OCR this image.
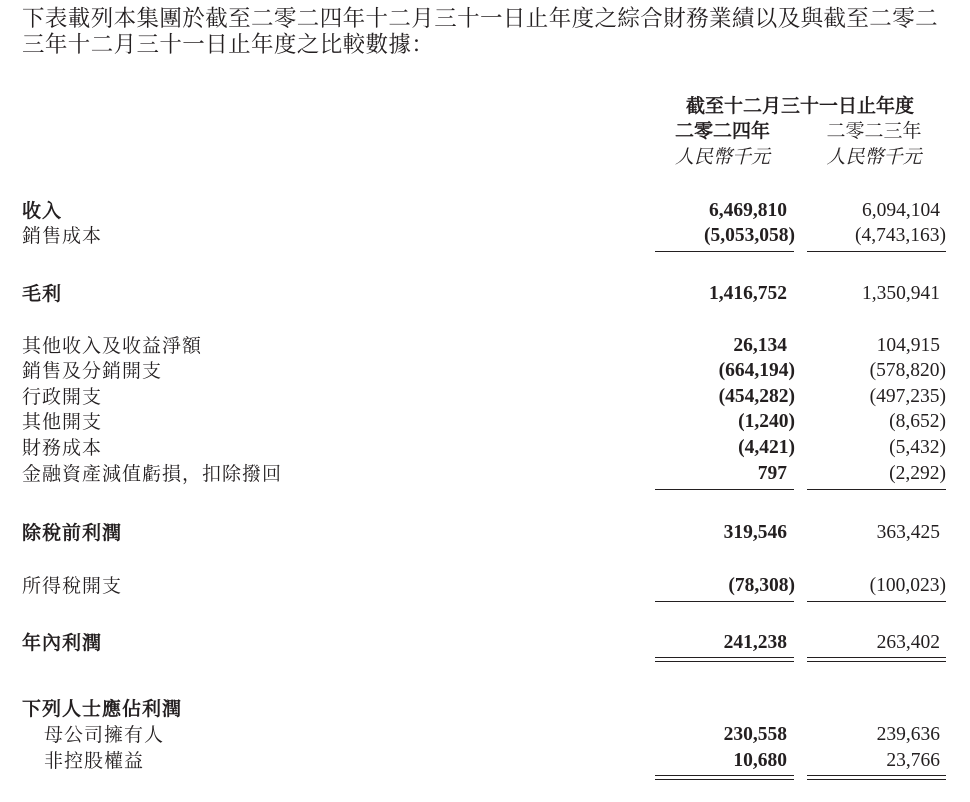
下表載列本集團於截至二零二四年十二月三十一日止年度之綜合財務業績以及與截至二零二三年十二月三十一日止年度之比較數據：
截至十二月三十一日止年度
二零二四年	二零二三年
人民幣千元	人民幣千元
收入	6,469,810	6,094,104
銷售成本	(5,053,058)	(4,743,163)
毛利	1,416,752	1,350,941
其他收入及收益淨額	26,134	104,915
銷售及分銷開支	(664,194)	(578,820)
行政開支	(454,282)	(497,235)
其他開支	(1,240)	(8,652)
財務成本	(4,421)	(5,432)
金融資產減值虧損，扣除撥回	797	(2,292)
除稅前利潤	319,546	363,425
所得稅開支	(78,308)	(100,023)
年內利潤	241,238	263,402
下列人士應佔利潤
母公司擁有人	230,558	239,636
非控股權益	10,680	23,766
